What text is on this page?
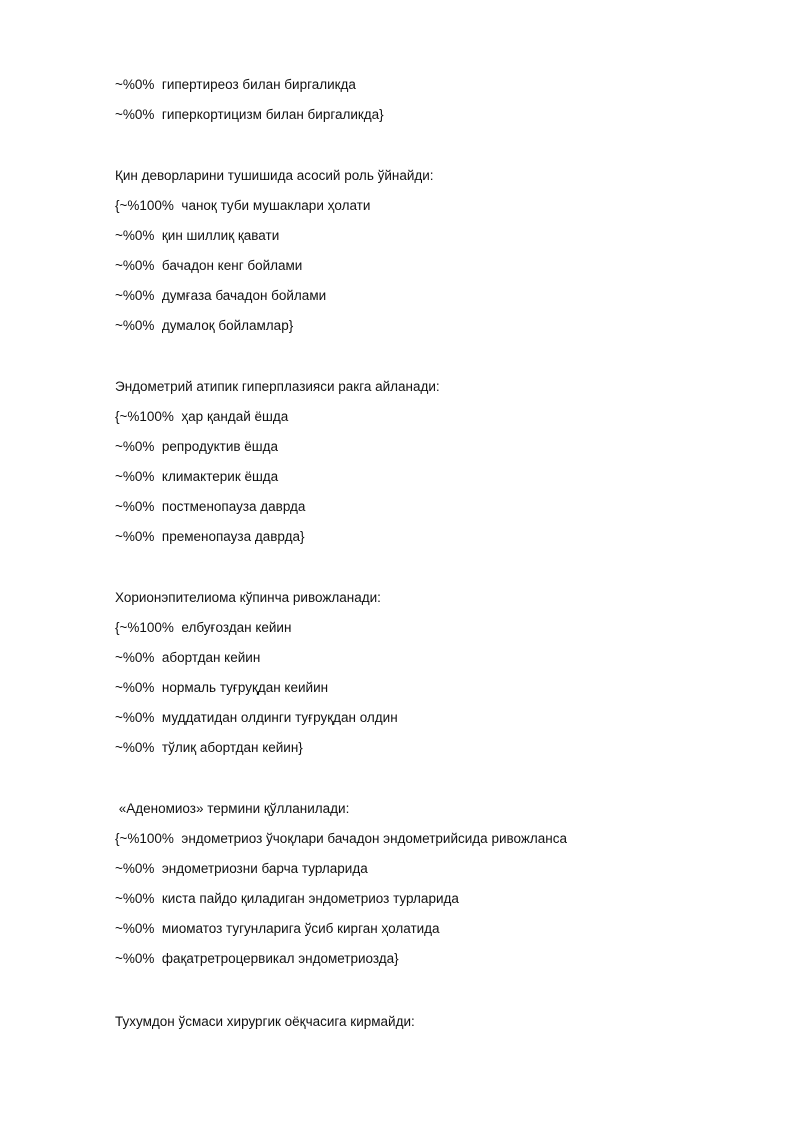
~%0%  гипертиреоз билан биргаликда
~%0%  гиперкортицизм билан биргаликда}
Қин деворларини тушишида асосий роль ўйнайди:
{~%100%  чаноқ туби мушаклари ҳолати
~%0%  қин шиллиқ қавати
~%0%  бачадон кенг бойлами
~%0%  думғаза бачадон бойлами
~%0%  думалоқ бойламлар}
Эндометрий атипик гиперплазияси ракга айланади:
{~%100%  ҳар қандай ёшда
~%0%  репродуктив ёшда
~%0%  климактерик ёшда
~%0%  постменопауза даврда
~%0%  пременопауза даврда}
Хорионэпителиома кўпинча ривожланади:
{~%100%  елбуғоздан кейин
~%0%  абортдан кейин
~%0%  нормаль туғруқдан кеийин
~%0%  муддатидан олдинги туғруқдан олдин
~%0%  тўлиқ абортдан кейин}
«Аденомиоз» термини қўлланилади:
{~%100%  эндометриоз ўчоқлари бачадон эндометрийсида ривожланса
~%0%  эндометриозни барча турларида
~%0%  киста пайдо қиладиган эндометриоз турларида
~%0%  миоматоз тугунларига ўсиб кирган ҳолатида
~%0%  фақатретроцервикал эндометриозда}
Тухумдон ўсмаси хирургик оёқчасига кирмайди:
